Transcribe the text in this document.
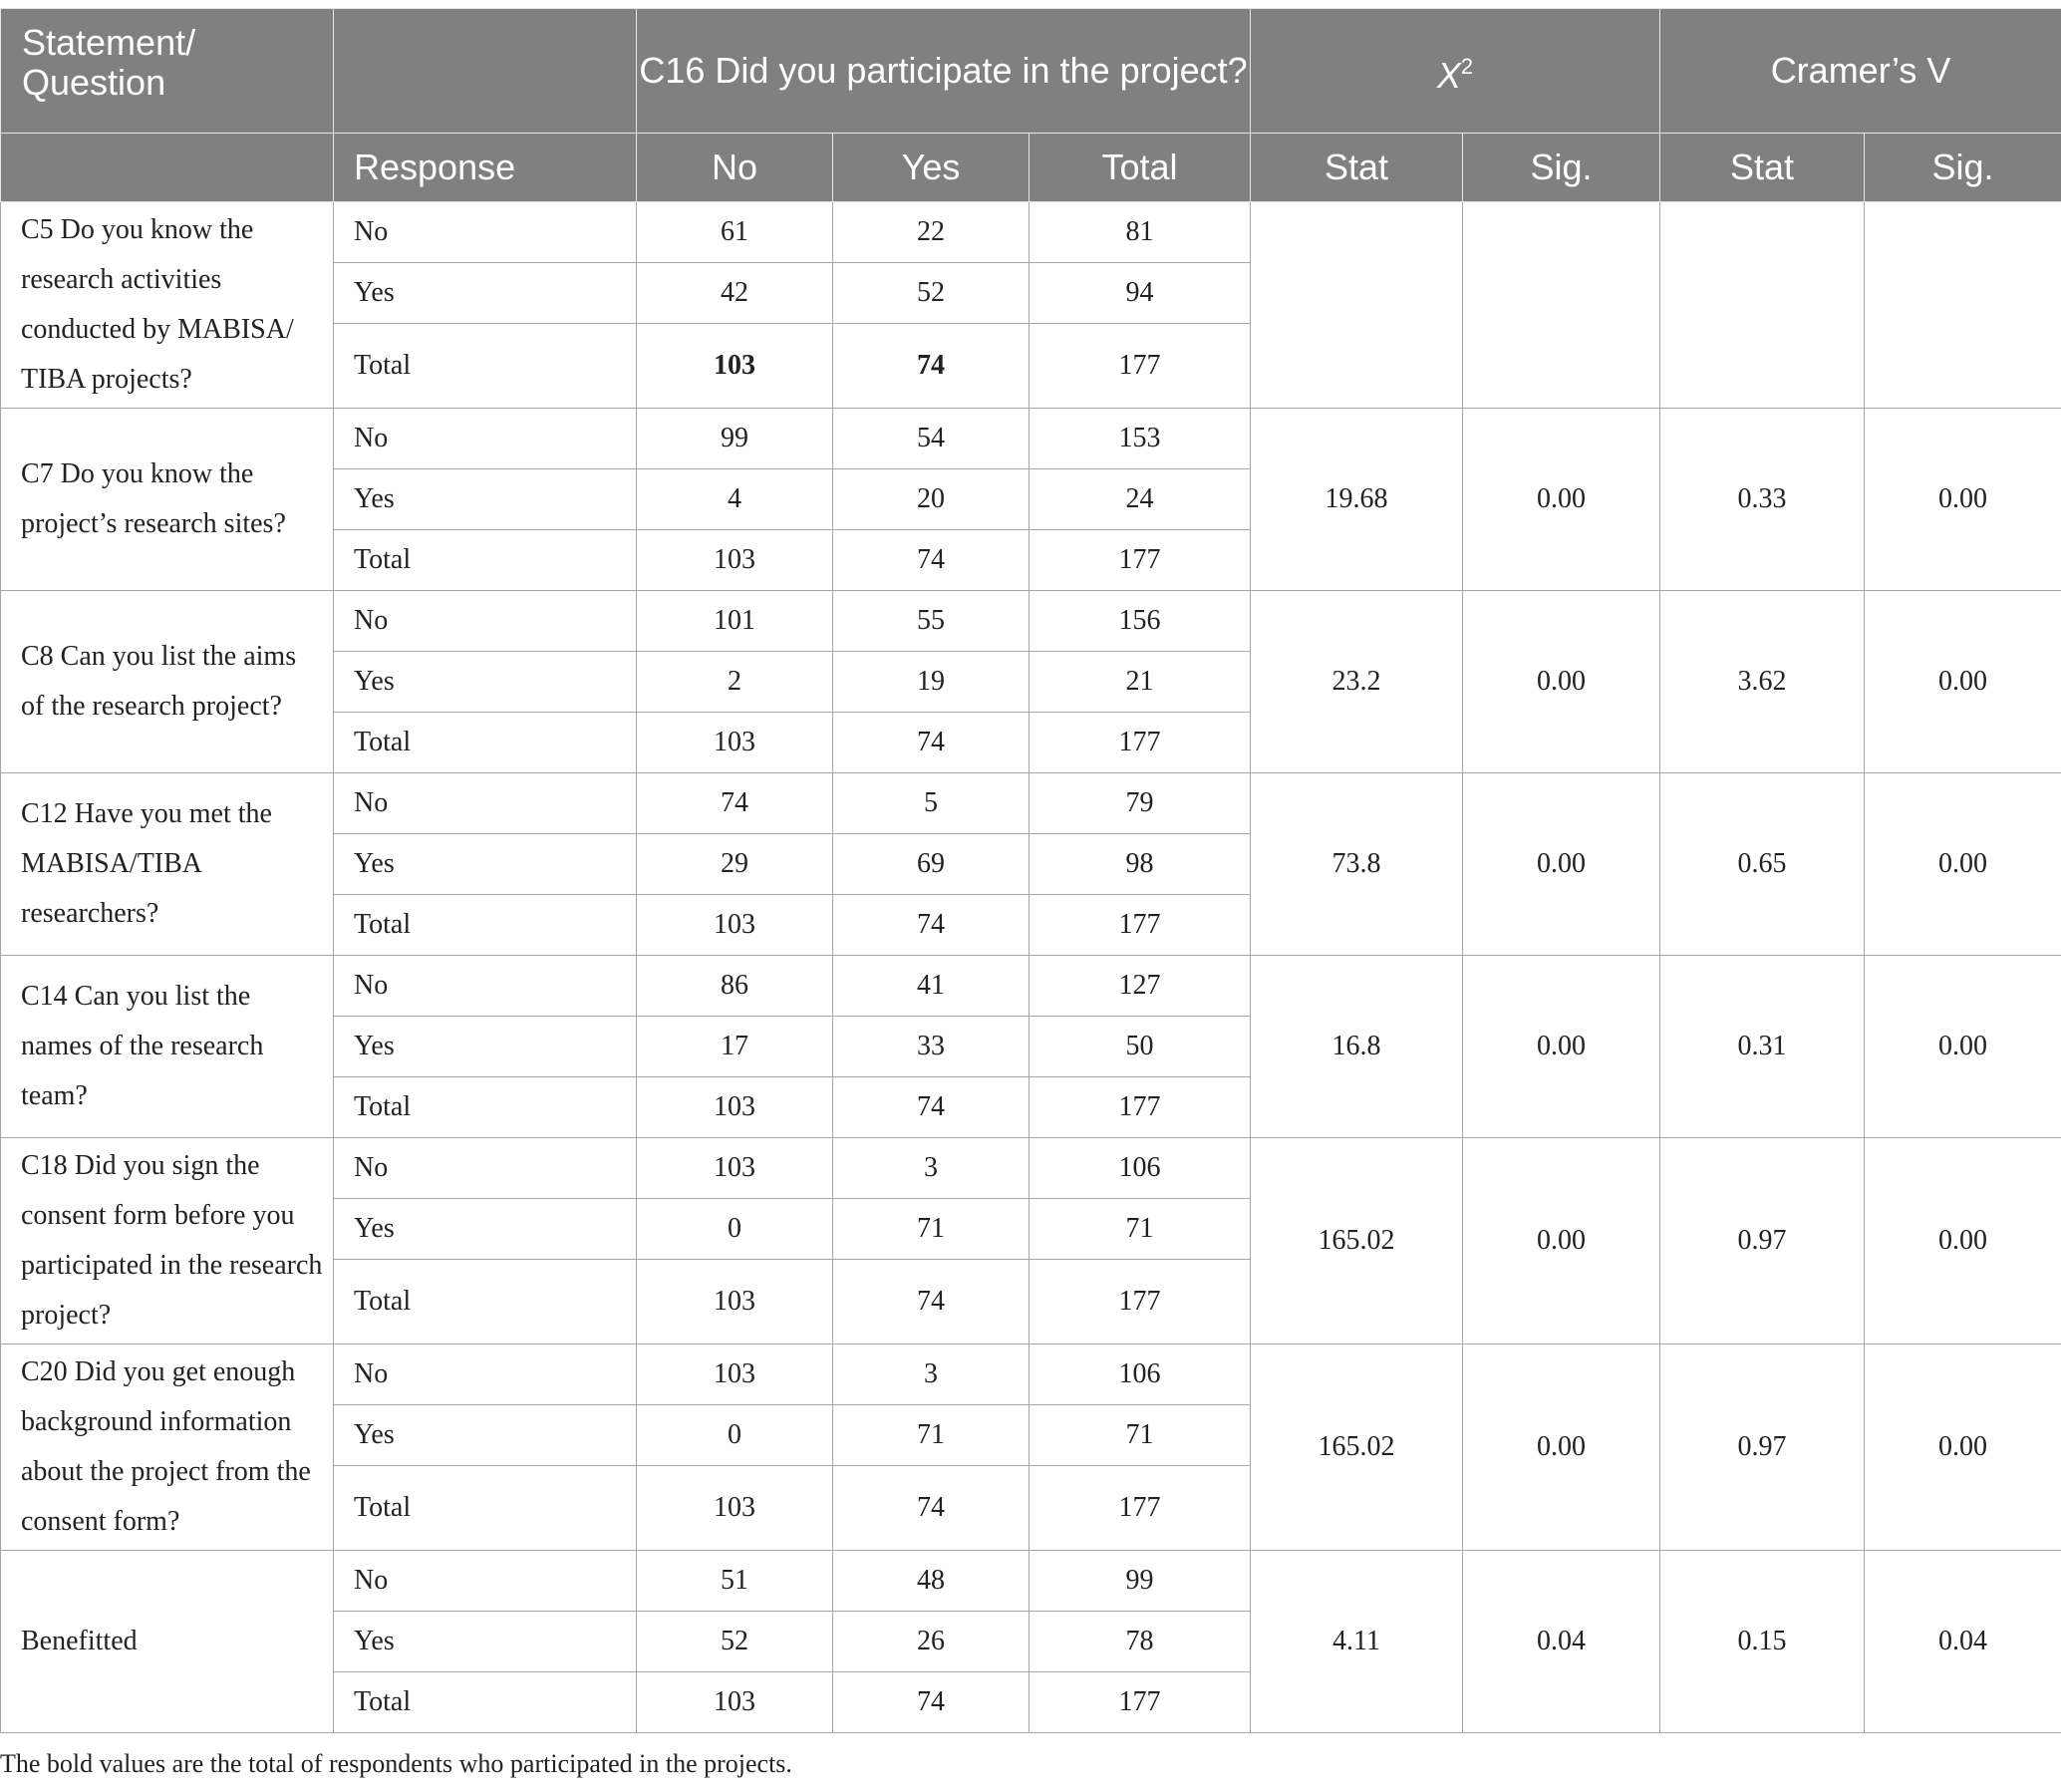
Statement/ Question		C16 Did you participate in the project?			$X^2$		Cramer’s V	
	Response	No	Yes	Total	Stat	Sig.	Stat	Sig.
C5 Do you know the research activities conducted by MABISA/ TIBA projects?	No	61	22	81				
	Yes	42	52	94				
	Total	103	74	177				
C7 Do you know the project’s research sites?	No	99	54	153	19.68	0.00	0.33	0.00
	Yes	4	20	24				
	Total	103	74	177				
C8 Can you list the aims of the research project?	No	101	55	156	23.2	0.00	3.62	0.00
	Yes	2	19	21				
	Total	103	74	177				
C12 Have you met the MABISA/TIBA researchers?	No	74	5	79	73.8	0.00	0.65	0.00
	Yes	29	69	98				
	Total	103	74	177				
C14 Can you list the names of the research team?	No	86	41	127	16.8	0.00	0.31	0.00
	Yes	17	33	50				
	Total	103	74	177				
C18 Did you sign the consent form before you participated in the research project?	No	103	3	106	165.02	0.00	0.97	0.00
	Yes	0	71	71				
	Total	103	74	177				
C20 Did you get enough background information about the project from the consent form?	No	103	3	106	165.02	0.00	0.97	0.00
	Yes	0	71	71				
	Total	103	74	177				
Benefitted	No	51	48	99	4.11	0.04	0.15	0.04
	Yes	52	26	78				
	Total	103	74	177				
The bold values are the total of respondents who participated in the projects.
